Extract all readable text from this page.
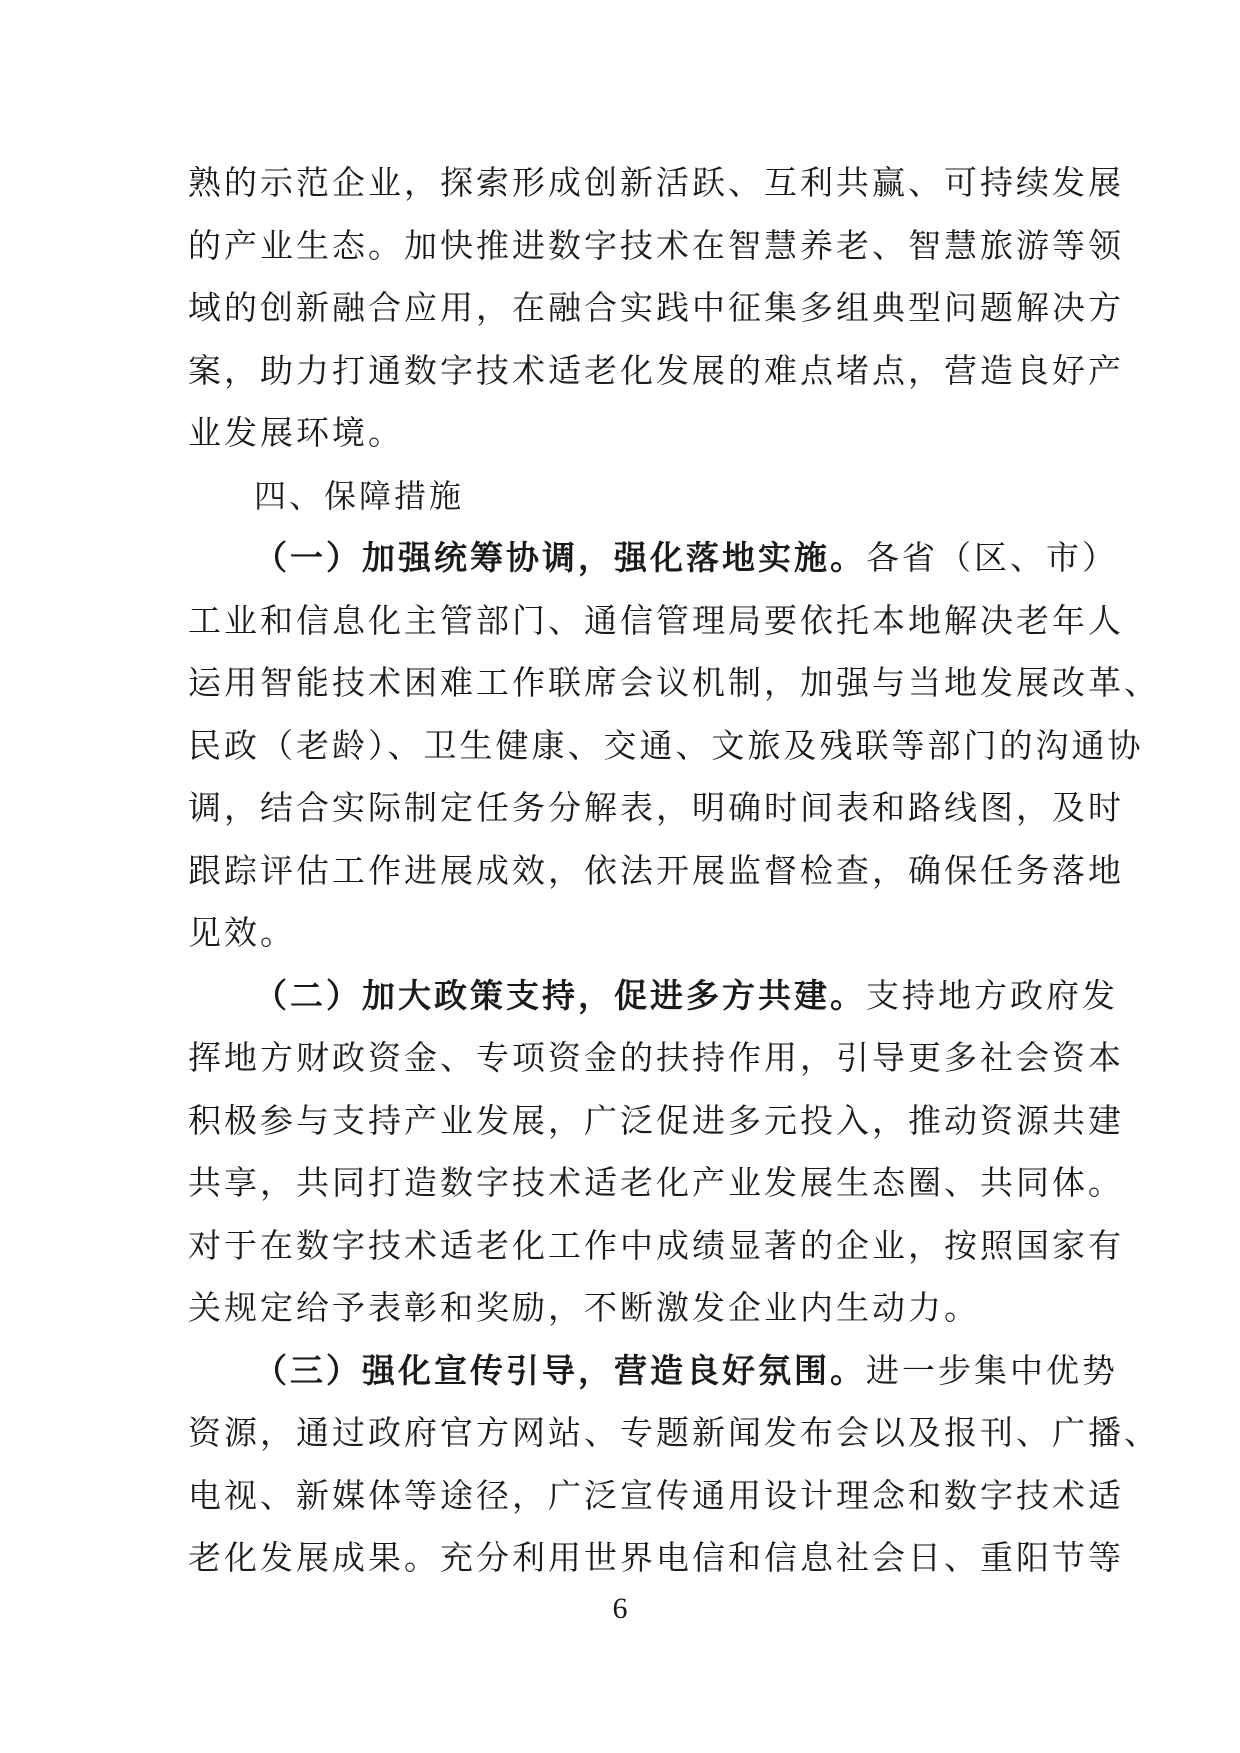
熟的示范企业，探索形成创新活跃、互利共赢、可持续发展
的产业生态。加快推进数字技术在智慧养老、智慧旅游等领
域的创新融合应用，在融合实践中征集多组典型问题解决方
案，助力打通数字技术适老化发展的难点堵点，营造良好产
业发展环境。
四、保障措施
（一）加强统筹协调，强化落地实施。各省（区、市）
工业和信息化主管部门、通信管理局要依托本地解决老年人
运用智能技术困难工作联席会议机制，加强与当地发展改革、
民政（老龄）、卫生健康、交通、文旅及残联等部门的沟通协
调，结合实际制定任务分解表，明确时间表和路线图，及时
跟踪评估工作进展成效，依法开展监督检查，确保任务落地
见效。
（二）加大政策支持，促进多方共建。支持地方政府发
挥地方财政资金、专项资金的扶持作用，引导更多社会资本
积极参与支持产业发展，广泛促进多元投入，推动资源共建
共享，共同打造数字技术适老化产业发展生态圈、共同体。
对于在数字技术适老化工作中成绩显著的企业，按照国家有
关规定给予表彰和奖励，不断激发企业内生动力。
（三）强化宣传引导，营造良好氛围。进一步集中优势
资源，通过政府官方网站、专题新闻发布会以及报刊、广播、
电视、新媒体等途径，广泛宣传通用设计理念和数字技术适
老化发展成果。充分利用世界电信和信息社会日、重阳节等
6
